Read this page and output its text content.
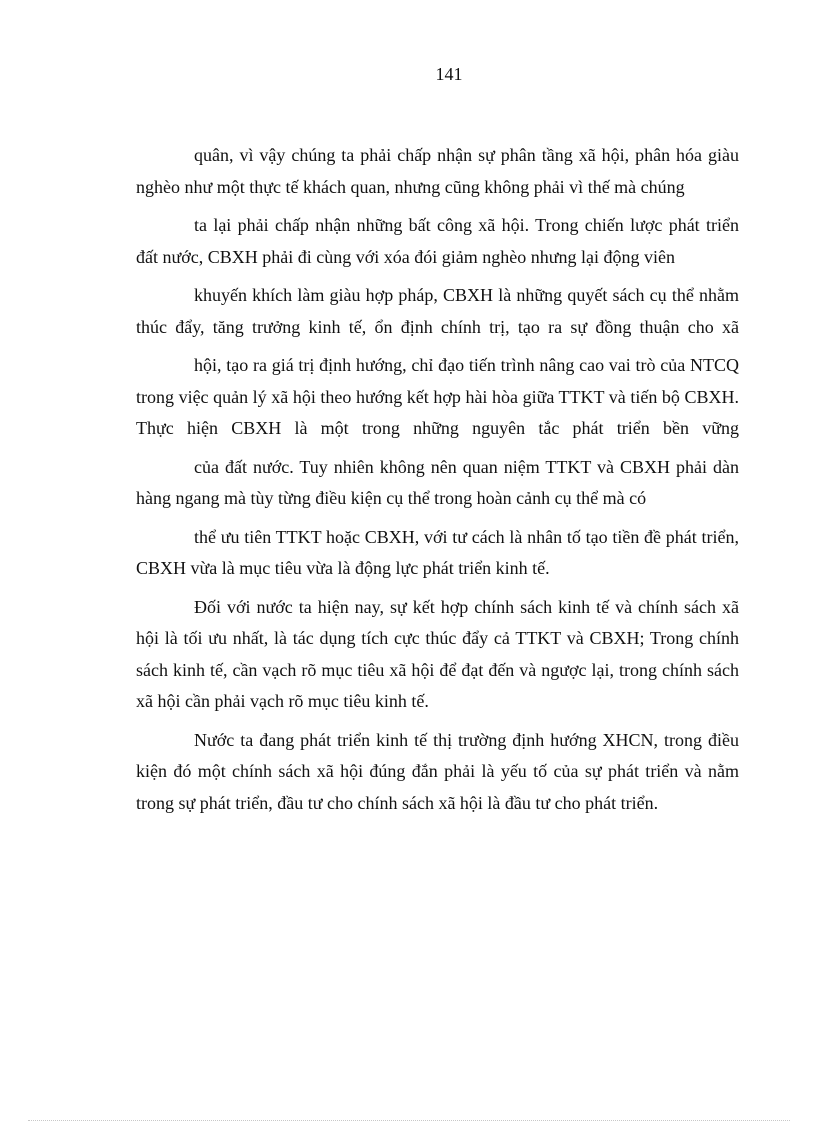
141

quân, vì vậy chúng ta phải chấp nhận sự phân tầng xã hội, phân hóa giàu nghèo như một thực tế khách quan, nhưng cũng không phải vì thế mà chúng

ta lại phải chấp nhận những bất công xã hội. Trong chiến lược phát triển đất nước, CBXH phải đi cùng với xóa đói giảm nghèo nhưng lại động viên

khuyến khích làm giàu hợp pháp, CBXH là những quyết sách cụ thể nhằm thúc đẩy, tăng trưởng kinh tế, ổn định chính trị, tạo ra sự đồng thuận cho xã

hội, tạo ra giá trị định hướng, chỉ đạo tiến trình nâng cao vai trò của NTCQ trong việc quản lý xã hội theo hướng kết hợp hài hòa giữa TTKT và tiến bộ CBXH. Thực hiện CBXH là một trong những nguyên tắc phát triển bền vững

của đất nước. Tuy nhiên không nên quan niệm TTKT và CBXH phải dàn hàng ngang mà tùy từng điều kiện cụ thể trong hoàn cảnh cụ thể mà có

thể ưu tiên TTKT hoặc CBXH, với tư cách là nhân tố tạo tiền đề phát triển, CBXH vừa là mục tiêu vừa là động lực phát triển kinh tế.

Đối với nước ta hiện nay, sự kết hợp chính sách kinh tế và chính sách xã hội là tối ưu nhất, là tác dụng tích cực thúc đẩy cả TTKT và CBXH; Trong chính sách kinh tế, cần vạch rõ mục tiêu xã hội để đạt đến và ngược lại, trong chính sách xã hội cần phải vạch rõ mục tiêu kinh tế.

Nước ta đang phát triển kinh tế thị trường định hướng XHCN, trong điều kiện đó một chính sách xã hội đúng đắn phải là yếu tố của sự phát triển và nằm trong sự phát triển, đầu tư cho chính sách xã hội là đầu tư cho phát triển.
